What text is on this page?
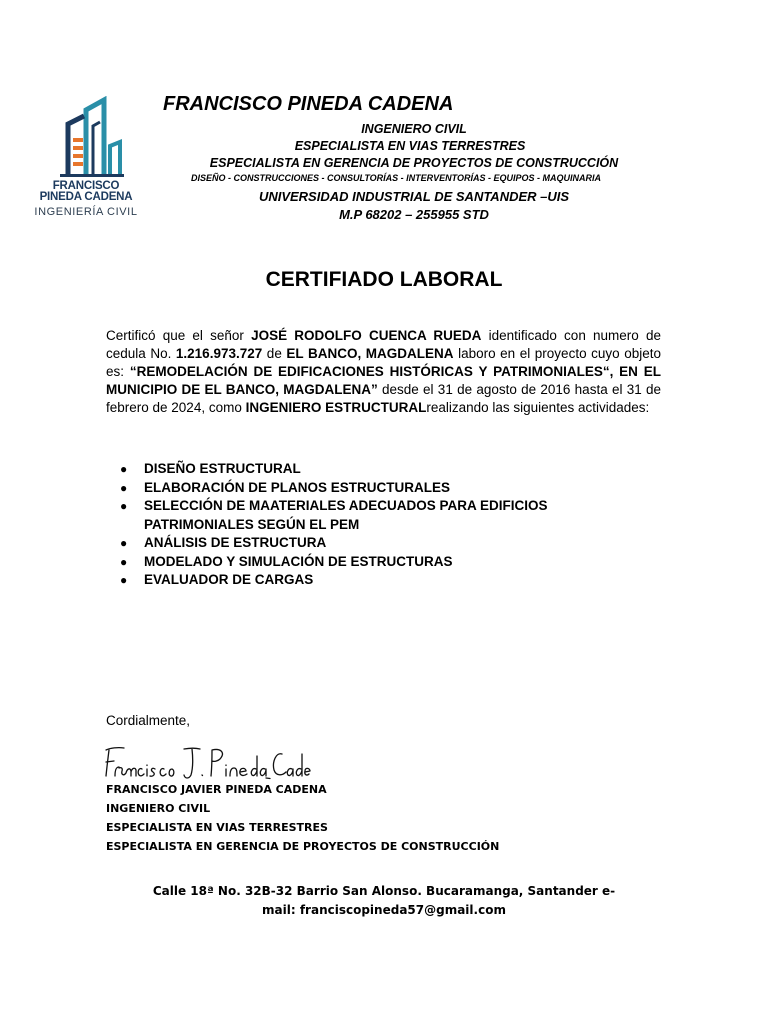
FRANCISCO
PINEDA CADENA
INGENIERÍA CIVIL

FRANCISCO PINEDA CADENA

INGENIERO CIVIL

ESPECIALISTA EN VIAS TERRESTRES

ESPECIALISTA EN GERENCIA DE PROYECTOS DE CONSTRUCCIÓN

DISEÑO - CONSTRUCCIONES - CONSULTORÍAS - INTERVENTORÍAS - EQUIPOS - MAQUINARIA

UNIVERSIDAD INDUSTRIAL DE SANTANDER –UIS

M.P 68202 – 255955 STD

CERTIFIADO LABORAL

Certificó que el señor JOSÉ RODOLFO CUENCA RUEDA identificado con numero de cedula No. 1.216.973.727 de EL BANCO, MAGDALENA laboro en el proyecto cuyo objeto es: “REMODELACIÓN DE EDIFICACIONES HISTÓRICAS Y PATRIMONIALES“, EN EL MUNICIPIO DE EL BANCO, MAGDALENA” desde el 31 de agosto de 2016 hasta el 31 de febrero de 2024, como INGENIERO ESTRUCTURALrealizando las siguientes actividades:

● DISEÑO ESTRUCTURAL
● ELABORACIÓN DE PLANOS ESTRUCTURALES
● SELECCIÓN DE MAATERIALES ADECUADOS PARA EDIFICIOS PATRIMONIALES SEGÚN EL PEM
● ANÁLISIS DE ESTRUCTURA
● MODELADO Y SIMULACIÓN DE ESTRUCTURAS
● EVALUADOR DE CARGAS

Cordialmente,

FRANCISCO JAVIER PINEDA CADENA
INGENIERO CIVIL
ESPECIALISTA EN VIAS TERRESTRES
ESPECIALISTA EN GERENCIA DE PROYECTOS DE CONSTRUCCIÓN
Calle 18ª No. 32B-32 Barrio San Alonso. Bucaramanga, Santander e-
mail: franciscopineda57@gmail.com
